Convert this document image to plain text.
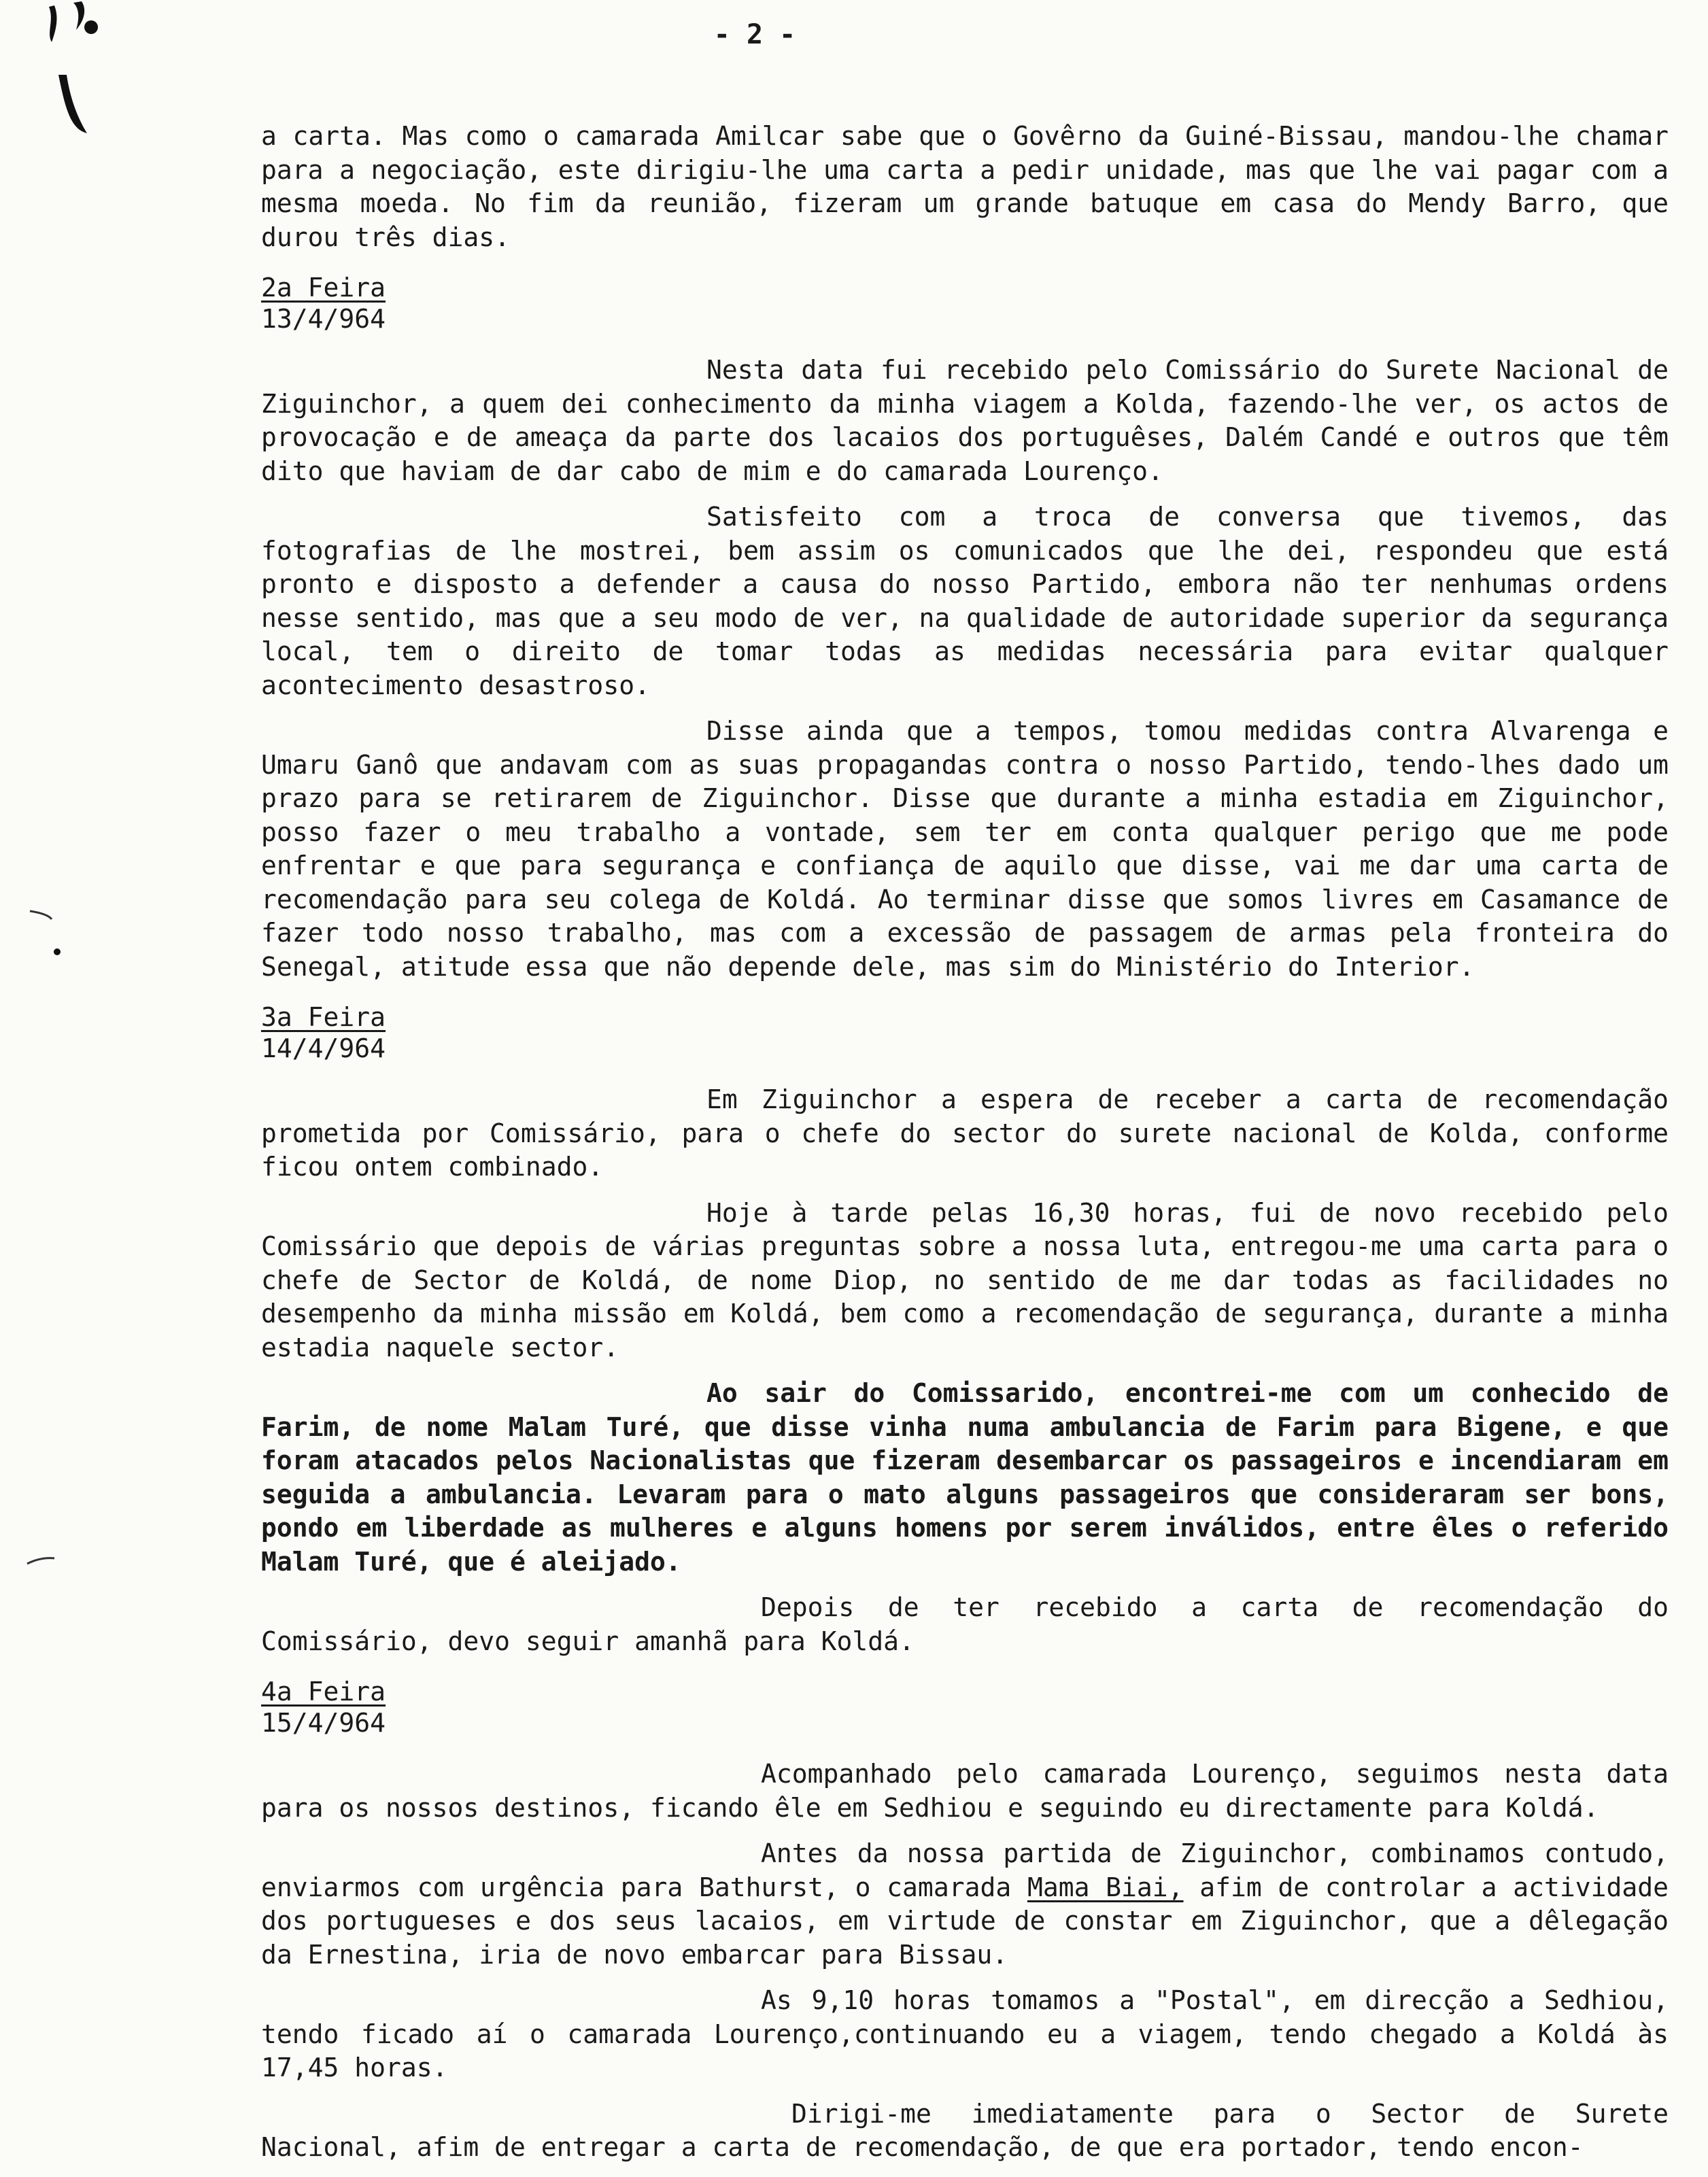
- 2 -

a carta. Mas como o camarada Amilcar sabe que o Govêrno da Guiné-Bissau, mandou-lhe chamar para a negociação, este dirigiu-lhe uma carta a pedir unidade, mas que lhe vai pagar com a mesma moeda. No fim da reunião, fizeram um grande batuque em casa do Mendy Barro, que durou três dias.

2a Feira
13/4/964

Nesta data fui recebido pelo Comissário do Surete Nacional de Ziguinchor, a quem dei conhecimento da minha viagem a Kolda, fazendo-lhe ver, os actos de provocação e de ameaça da parte dos lacaios dos portuguêses, Dalém Candé e outros que têm dito que haviam de dar cabo de mim e do camarada Lourenço.

Satisfeito com a troca de conversa que tivemos, das fotografias de lhe mostrei, bem assim os comunicados que lhe dei, respondeu que está pronto e disposto a defender a causa do nosso Partido, embora não ter nenhumas ordens nesse sentido, mas que a seu modo de ver, na qualidade de autoridade superior da segurança local, tem o direito de tomar todas as medidas necessária para evitar qualquer acontecimento desastroso.

Disse ainda que a tempos, tomou medidas contra Alvarenga e Umaru Ganô que andavam com as suas propagandas contra o nosso Partido, tendo-lhes dado um prazo para se retirarem de Ziguinchor. Disse que durante a minha estadia em Ziguinchor, posso fazer o meu trabalho a vontade, sem ter em conta qualquer perigo que me pode enfrentar e que para segurança e confiança de aquilo que disse, vai me dar uma carta de recomendação para seu colega de Koldá. Ao terminar disse que somos livres em Casamance de fazer todo nosso trabalho, mas com a excessão de passagem de armas pela fronteira do Senegal, atitude essa que não depende dele, mas sim do Ministério do Interior.

3a Feira
14/4/964

Em Ziguinchor a espera de receber a carta de recomendação prometida por Comissário, para o chefe do sector do surete nacional de Kolda, conforme ficou ontem combinado.

Hoje à tarde pelas 16,30 horas, fui de novo recebido pelo Comissário que depois de várias preguntas sobre a nossa luta, entregou-me uma carta para o chefe de Sector de Koldá, de nome Diop, no sentido de me dar todas as facilidades no desempenho da minha missão em Koldá, bem como a recomendação de segurança, durante a minha estadia naquele sector.

Ao sair do Comissarido, encontrei-me com um conhecido de Farim, de nome Malam Turé, que disse vinha numa ambulancia de Farim para Bigene, e que foram atacados pelos Nacionalistas que fizeram desembarcar os passageiros e incendiaram em seguida a ambulancia. Levaram para o mato alguns passageiros que consideraram ser bons, pondo em liberdade as mulheres e alguns homens por serem inválidos, entre êles o referido Malam Turé, que é aleijado.

Depois de ter recebido a carta de recomendação do Comissário, devo seguir amanhã para Koldá.

4a Feira
15/4/964

Acompanhado pelo camarada Lourenço, seguimos nesta data para os nossos destinos, ficando êle em Sedhiou e seguindo eu directamente para Koldá.

Antes da nossa partida de Ziguinchor, combinamos contudo, enviarmos com urgência para Bathurst, o camarada Mama Biai, afim de controlar a actividade dos portugueses e dos seus lacaios, em virtude de constar em Ziguinchor, que a dêlegação da Ernestina, iria de novo embarcar para Bissau.

As 9,10 horas tomamos a "Postal", em direcção a Sedhiou, tendo ficado aí o camarada Lourenço,continuando eu a viagem, tendo chegado a Koldá às 17,45 horas.

Dirigi-me imediatamente para o Sector de Surete Nacional, afim de entregar a carta de recomendação, de que era portador, tendo encon-
